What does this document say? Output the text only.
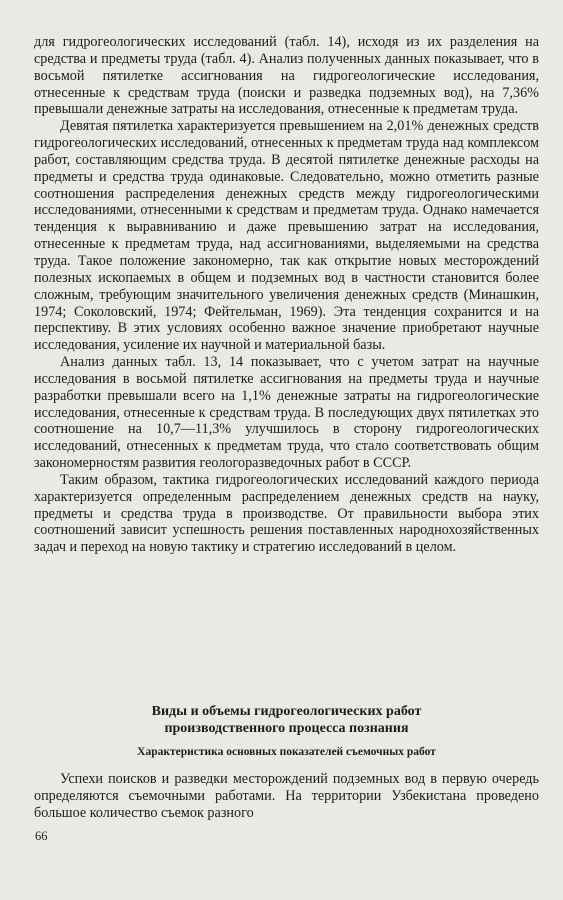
для гидрогеологических исследований (табл. 14), исходя из их разделения на средства и предметы труда (табл. 4). Анализ полученных данных показывает, что в восьмой пятилетке ассигнования на гидрогеологические исследования, отнесенные к средствам труда (поиски и разведка подземных вод), на 7,36% превышали денежные затраты на исследования, отнесенные к предметам труда.

Девятая пятилетка характеризуется превышением на 2,01% денежных средств гидрогеологических исследований, отнесенных к предметам труда над комплексом работ, составляющим средства труда. В десятой пятилетке денежные расходы на предметы и средства труда одинаковые. Следовательно, можно отметить разные соотношения распределения денежных средств между гидрогеологическими исследованиями, отнесенными к средствам и предметам труда. Однако намечается тенденция к выравниванию и даже превышению затрат на исследования, отнесенные к предметам труда, над ассигнованиями, выделяемыми на средства труда. Такое положение закономерно, так как открытие новых месторождений полезных ископаемых в общем и подземных вод в частности становится более сложным, требующим значительного увеличения денежных средств (Минашкин, 1974; Соколовский, 1974; Фейтельман, 1969). Эта тенденция сохранится и на перспективу. В этих условиях особенно важное значение приобретают научные исследования, усиление их научной и материальной базы.

Анализ данных табл. 13, 14 показывает, что с учетом затрат на научные исследования в восьмой пятилетке ассигнования на предметы труда и научные разработки превышали всего на 1,1% денежные затраты на гидрогеологические исследования, отнесенные к средствам труда. В последующих двух пятилетках это соотношение на 10,7—11,3% улучшилось в сторону гидрогеологических исследований, отнесенных к предметам труда, что стало соответствовать общим закономерностям развития геологоразведочных работ в СССР.

Таким образом, тактика гидрогеологических исследований каждого периода характеризуется определенным распределением денежных средств на науку, предметы и средства труда в производстве. От правильности выбора этих соотношений зависит успешность решения поставленных народнохозяйственных задач и переход на новую тактику и стратегию исследований в целом.

Виды и объемы гидрогеологических работ
производственного процесса познания
Характеристика основных показателей съемочных работ

Успехи поисков и разведки месторождений подземных вод в первую очередь определяются съемочными работами. На территории Узбекистана проведено большое количество съемок разного

66
